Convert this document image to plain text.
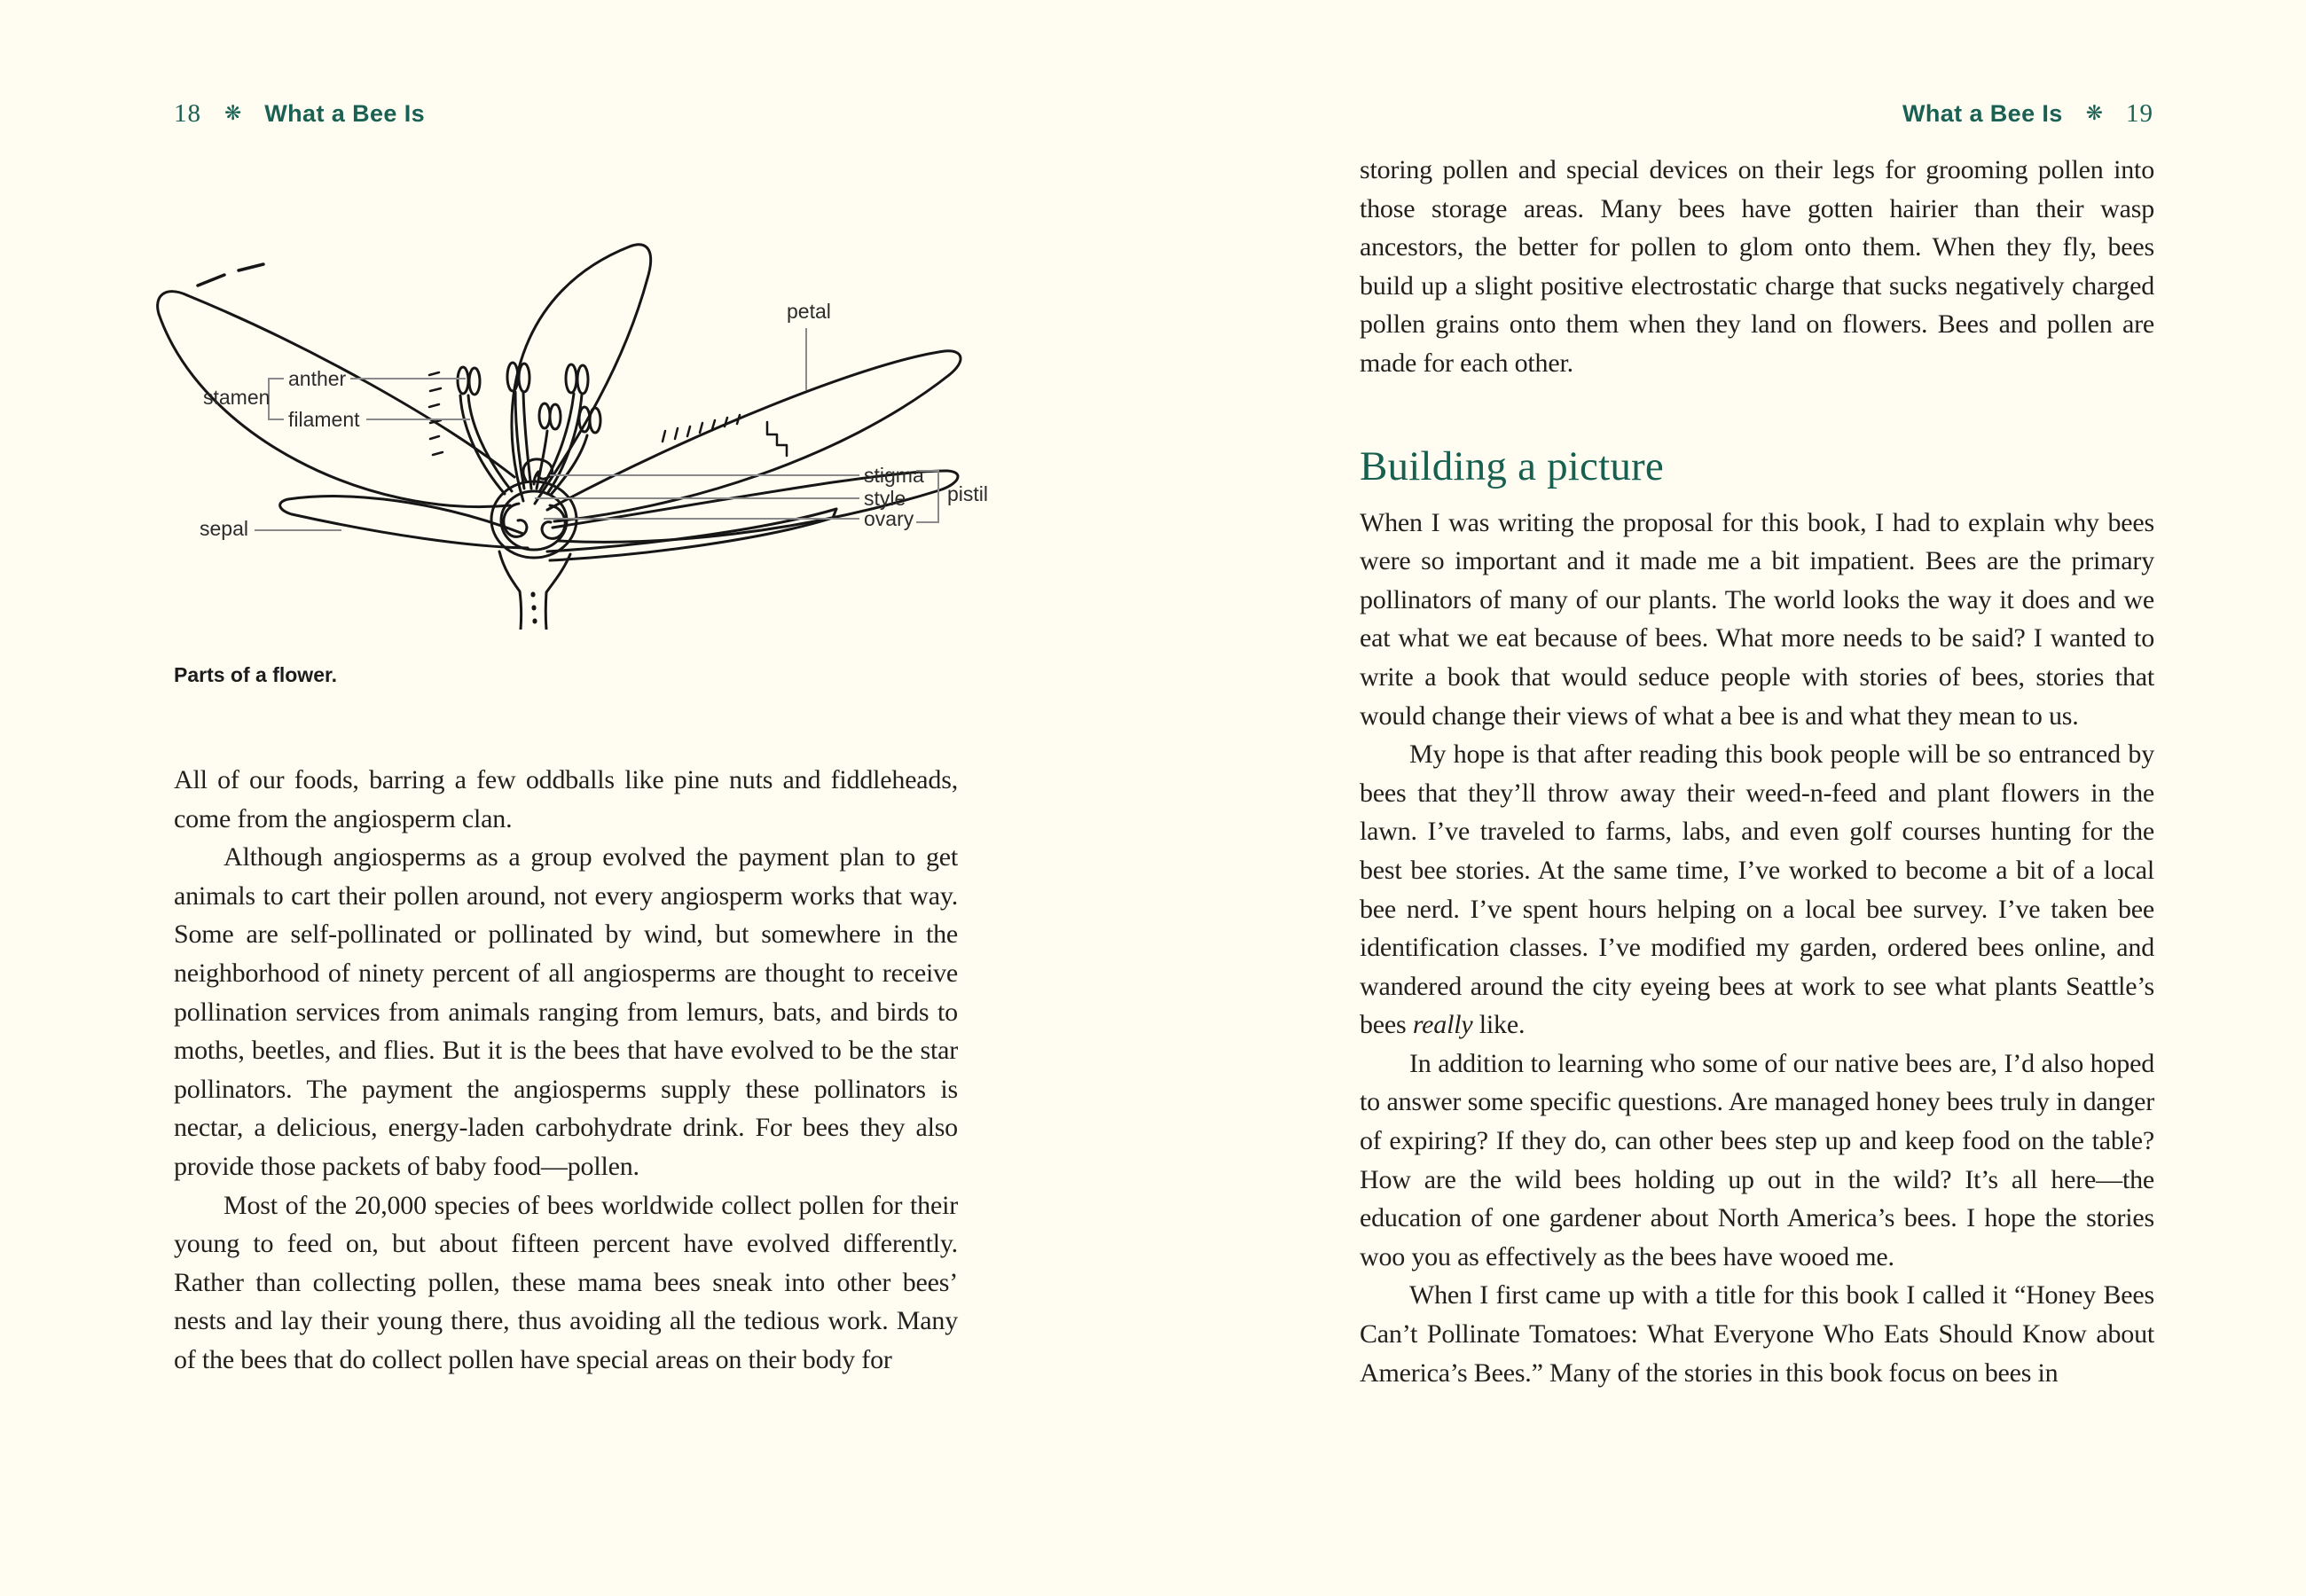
18 ❋ What a Bee Is	What a Bee Is ❋ 19
petal
stamen
anther
filament
stigma
style
ovary
pistil
sepal
Parts of a flower.

All of our foods, barring a few oddballs like pine nuts and fiddleheads, come from the angiosperm clan.

Although angiosperms as a group evolved the payment plan to get animals to cart their pollen around, not every angiosperm works that way. Some are self-pollinated or pollinated by wind, but somewhere in the neighborhood of ninety percent of all angiosperms are thought to receive pollination services from animals ranging from lemurs, bats, and birds to moths, beetles, and flies. But it is the bees that have evolved to be the star pollinators. The payment the angiosperms supply these pollinators is nectar, a delicious, energy-laden carbohydrate drink. For bees they also provide those packets of baby food—pollen.

Most of the 20,000 species of bees worldwide collect pollen for their young to feed on, but about fifteen percent have evolved differently. Rather than collecting pollen, these mama bees sneak into other bees’ nests and lay their young there, thus avoiding all the tedious work. Many of the bees that do collect pollen have special areas on their body for

storing pollen and special devices on their legs for grooming pollen into those storage areas. Many bees have gotten hairier than their wasp ancestors, the better for pollen to glom onto them. When they fly, bees build up a slight positive electrostatic charge that sucks negatively charged pollen grains onto them when they land on flowers. Bees and pollen are made for each other.

Building a picture

When I was writing the proposal for this book, I had to explain why bees were so important and it made me a bit impatient. Bees are the primary pollinators of many of our plants. The world looks the way it does and we eat what we eat because of bees. What more needs to be said? I wanted to write a book that would seduce people with stories of bees, stories that would change their views of what a bee is and what they mean to us.

My hope is that after reading this book people will be so entranced by bees that they’ll throw away their weed-n-feed and plant flowers in the lawn. I’ve traveled to farms, labs, and even golf courses hunting for the best bee stories. At the same time, I’ve worked to become a bit of a local bee nerd. I’ve spent hours helping on a local bee survey. I’ve taken bee identification classes. I’ve modified my garden, ordered bees online, and wandered around the city eyeing bees at work to see what plants Seattle’s bees really like.

In addition to learning who some of our native bees are, I’d also hoped to answer some specific questions. Are managed honey bees truly in danger of expiring? If they do, can other bees step up and keep food on the table? How are the wild bees holding up out in the wild? It’s all here—the education of one gardener about North America’s bees. I hope the stories woo you as effectively as the bees have wooed me.

When I first came up with a title for this book I called it “Honey Bees Can’t Pollinate Tomatoes: What Everyone Who Eats Should Know about America’s Bees.” Many of the stories in this book focus on bees in
